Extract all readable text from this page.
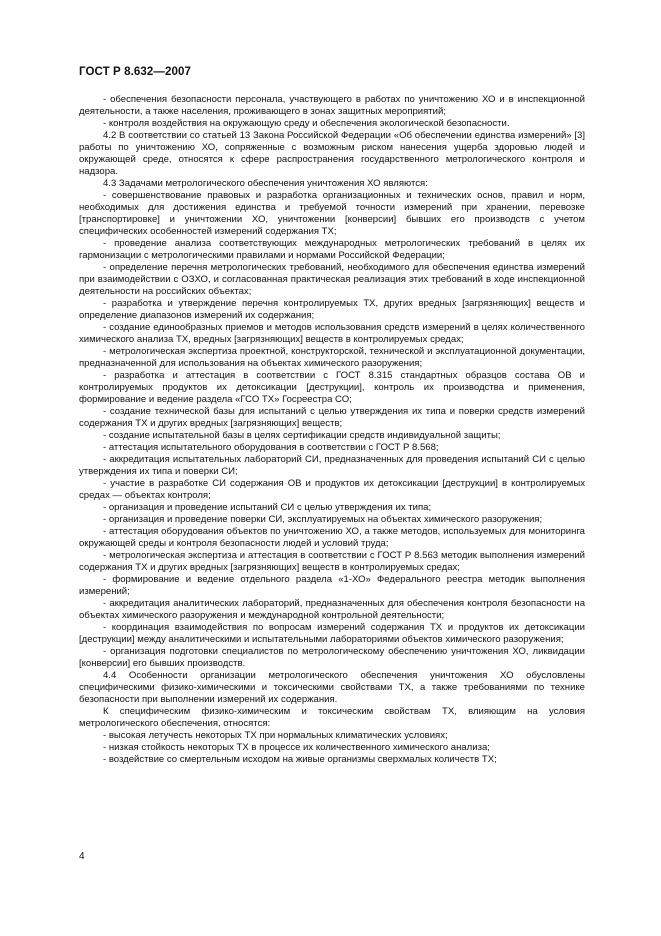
ГОСТ Р 8.632—2007

- обеспечения безопасности персонала, участвующего в работах по уничтожению ХО и в инспекционной деятельности, а также населения, проживающего в зонах защитных мероприятий;

- контроля воздействия на окружающую среду и обеспечения экологической безопасности.

4.2 В соответствии со статьей 13 Закона Российской Федерации «Об обеспечении единства измерений» [3] работы по уничтожению ХО, сопряженные с возможным риском нанесения ущерба здоровью людей и окружающей среде, относятся к сфере распространения государственного метрологического контроля и надзора.

4.3 Задачами метрологического обеспечения уничтожения ХО являются:

- совершенствование правовых и разработка организационных и технических основ, правил и норм, необходимых для достижения единства и требуемой точности измерений при хранении, перевозке [транспортировке] и уничтожении ХО, уничтожении [конверсии] бывших его производств с учетом специфических особенностей измерений содержания ТХ;

- проведение анализа соответствующих международных метрологических требований в целях их гармонизации с метрологическими правилами и нормами Российской Федерации;

- определение перечня метрологических требований, необходимого для обеспечения единства измерений при взаимодействии с ОЗХО, и согласованная практическая реализация этих требований в ходе инспекционной деятельности на российских объектах;

- разработка и утверждение перечня контролируемых ТХ, других вредных [загрязняющих] веществ и определение диапазонов измерений их содержания;

- создание единообразных приемов и методов использования средств измерений в целях количественного химического анализа ТХ, вредных [загрязняющих] веществ в контролируемых средах;

- метрологическая экспертиза проектной, конструкторской, технической и эксплуатационной документации, предназначенной для использования на объектах химического разоружения;

- разработка и аттестация в соответствии с ГОСТ 8.315 стандартных образцов состава ОВ и контролируемых продуктов их детоксикации [деструкции], контроль их производства и применения, формирование и ведение раздела «ГСО ТХ» Госреестра СО;

- создание технической базы для испытаний с целью утверждения их типа и поверки средств измерений содержания ТХ и других вредных [загрязняющих] веществ;

- создание испытательной базы в целях сертификации средств индивидуальной защиты;

- аттестация испытательного оборудования в соответствии с ГОСТ Р 8.568;

- аккредитация испытательных лабораторий СИ, предназначенных для проведения испытаний СИ с целью утверждения их типа и поверки СИ;

- участие в разработке СИ содержания ОВ и продуктов их детоксикации [деструкции] в контролируемых средах — объектах контроля;

- организация и проведение испытаний СИ с целью утверждения их типа;

- организация и проведение поверки СИ, эксплуатируемых на объектах химического разоружения;

- аттестация оборудования объектов по уничтожению ХО, а также методов, используемых для мониторинга окружающей среды и контроля безопасности людей и условий труда;

- метрологическая экспертиза и аттестация в соответствии с ГОСТ Р 8.563 методик выполнения измерений содержания ТХ и других вредных [загрязняющих] веществ в контролируемых средах;

- формирование и ведение отдельного раздела «1-ХО» Федерального реестра методик выполнения измерений;

- аккредитация аналитических лабораторий, предназначенных для обеспечения контроля безопасности на объектах химического разоружения и международной контрольной деятельности;

- координация взаимодействия по вопросам измерений содержания ТХ и продуктов их детоксикации [деструкции] между аналитическими и испытательными лабораториями объектов химического разоружения;

- организация подготовки специалистов по метрологическому обеспечению уничтожения ХО, ликвидации [конверсии] его бывших производств.

4.4 Особенности организации метрологического обеспечения уничтожения ХО обусловлены специфическими физико-химическими и токсическими свойствами ТХ, а также требованиями по технике безопасности при выполнении измерений их содержания.

К специфическим физико-химическим и токсическим свойствам ТХ, влияющим на условия метрологического обеспечения, относятся:

- высокая летучесть некоторых ТХ при нормальных климатических условиях;

- низкая стойкость некоторых ТХ в процессе их количественного химического анализа;

- воздействие со смертельным исходом на живые организмы сверхмалых количеств ТХ;

4
